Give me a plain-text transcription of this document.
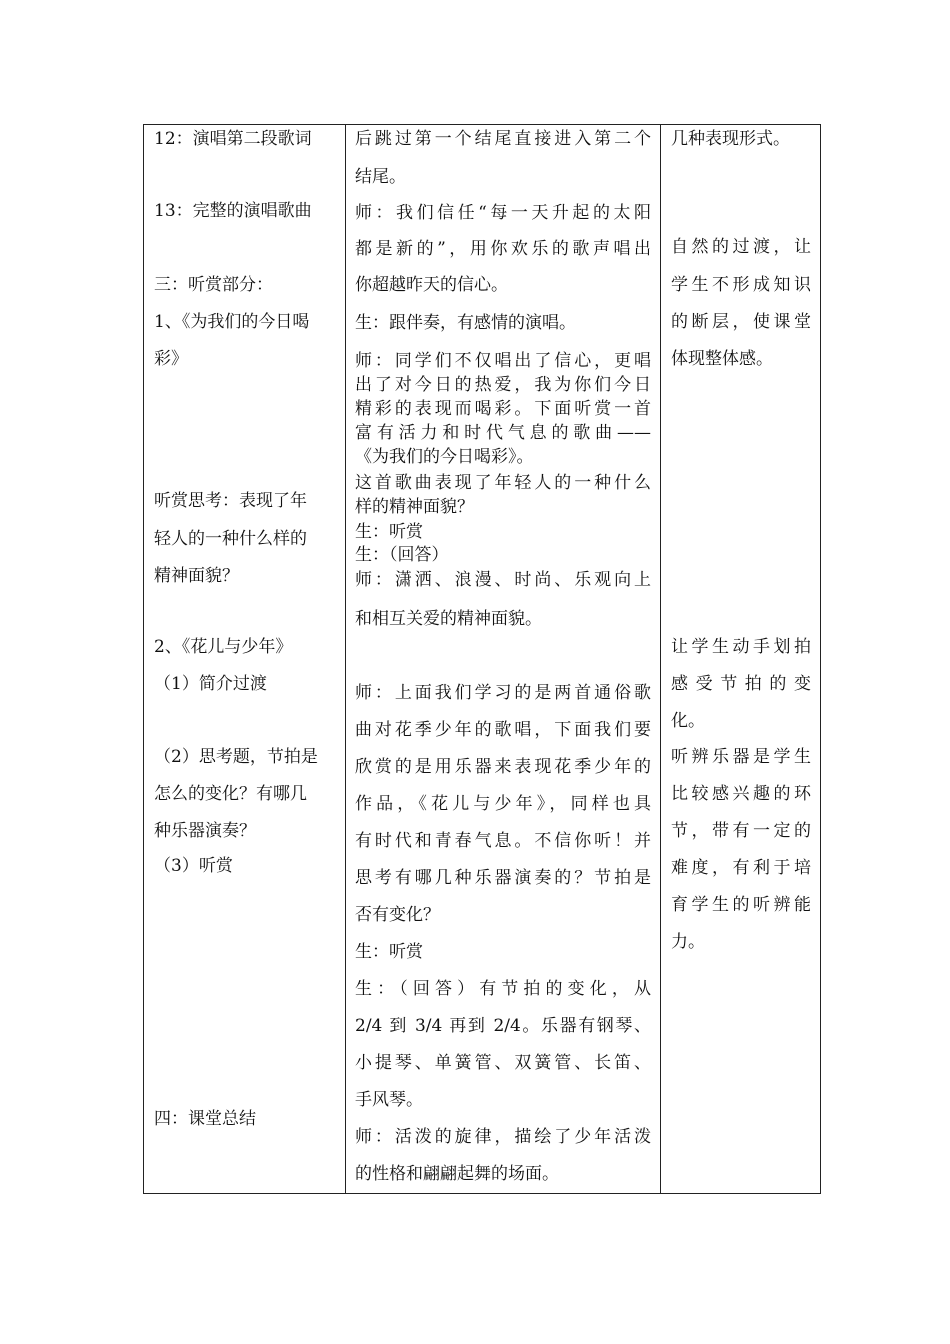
12：演唱第二段歌词
13：完整的演唱歌曲
三：听赏部分：
1、《为我们的今日喝
彩》
听赏思考：表现了年
轻人的一种什么样的
精神面貌？
2、《花儿与少年》
（1）简介过渡
（2）思考题，节拍是
怎么的变化？有哪几
种乐器演奏？
（3）听赏
四：课堂总结
后跳过第一个结尾直接进入第二个
结尾。
师：我们信任“每一天升起的太阳
都是新的”，用你欢乐的歌声唱出
你超越昨天的信心。
生：跟伴奏，有感情的演唱。
师：同学们不仅唱出了信心，更唱
出了对今日的热爱，我为你们今日
精彩的表现而喝彩。下面听赏一首
富有活力和时代气息的歌曲——
《为我们的今日喝彩》。
这首歌曲表现了年轻人的一种什么
样的精神面貌？
生：听赏
生：（回答）
师：潇洒、浪漫、时尚、乐观向上
和相互关爱的精神面貌。
师：上面我们学习的是两首通俗歌
曲对花季少年的歌唱，下面我们要
欣赏的是用乐器来表现花季少年的
作品，《花儿与少年》，同样也具
有时代和青春气息。不信你听！并
思考有哪几种乐器演奏的？节拍是
否有变化？
生：听赏
生：（回答）有节拍的变化，从
2/4 到 3/4 再到 2/4。乐器有钢琴、
小提琴、单簧管、双簧管、长笛、
手风琴。
师：活泼的旋律，描绘了少年活泼
的性格和翩翩起舞的场面。
几种表现形式。
自然的过渡，让
学生不形成知识
的断层，使课堂
体现整体感。
让学生动手划拍
感受节拍的变
化。
听辨乐器是学生
比较感兴趣的环
节，带有一定的
难度，有利于培
育学生的听辨能
力。
